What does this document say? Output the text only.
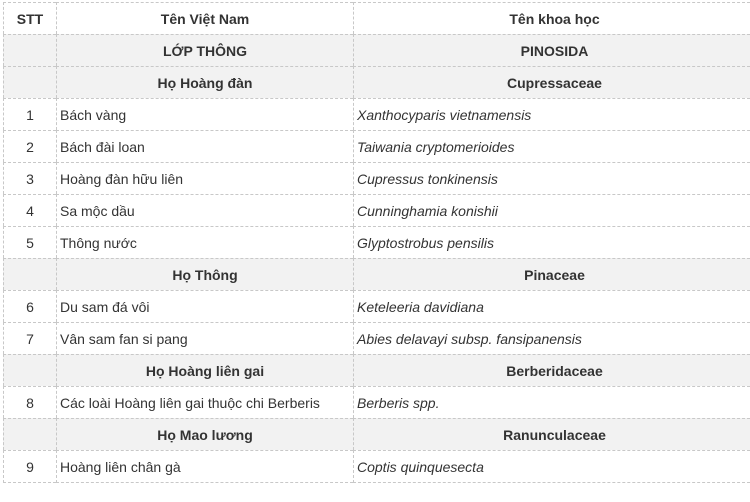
STT	Tên Việt Nam	Tên khoa học
	LỚP THÔNG	PINOSIDA
	Họ Hoàng đàn	Cupressaceae
1	Bách vàng	Xanthocyparis vietnamensis
2	Bách đài loan	Taiwania cryptomerioides
3	Hoàng đàn hữu liên	Cupressus tonkinensis
4	Sa mộc dầu	Cunninghamia konishii
5	Thông nước	Glyptostrobus pensilis
	Họ Thông	Pinaceae
6	Du sam đá vôi	Keteleeria davidiana
7	Vân sam fan si pang	Abies delavayi subsp. fansipanensis
	Họ Hoàng liên gai	Berberidaceae
8	Các loài Hoàng liên gai thuộc chi Berberis	Berberis spp.
	Họ Mao lương	Ranunculaceae
9	Hoàng liên chân gà	Coptis quinquesecta
